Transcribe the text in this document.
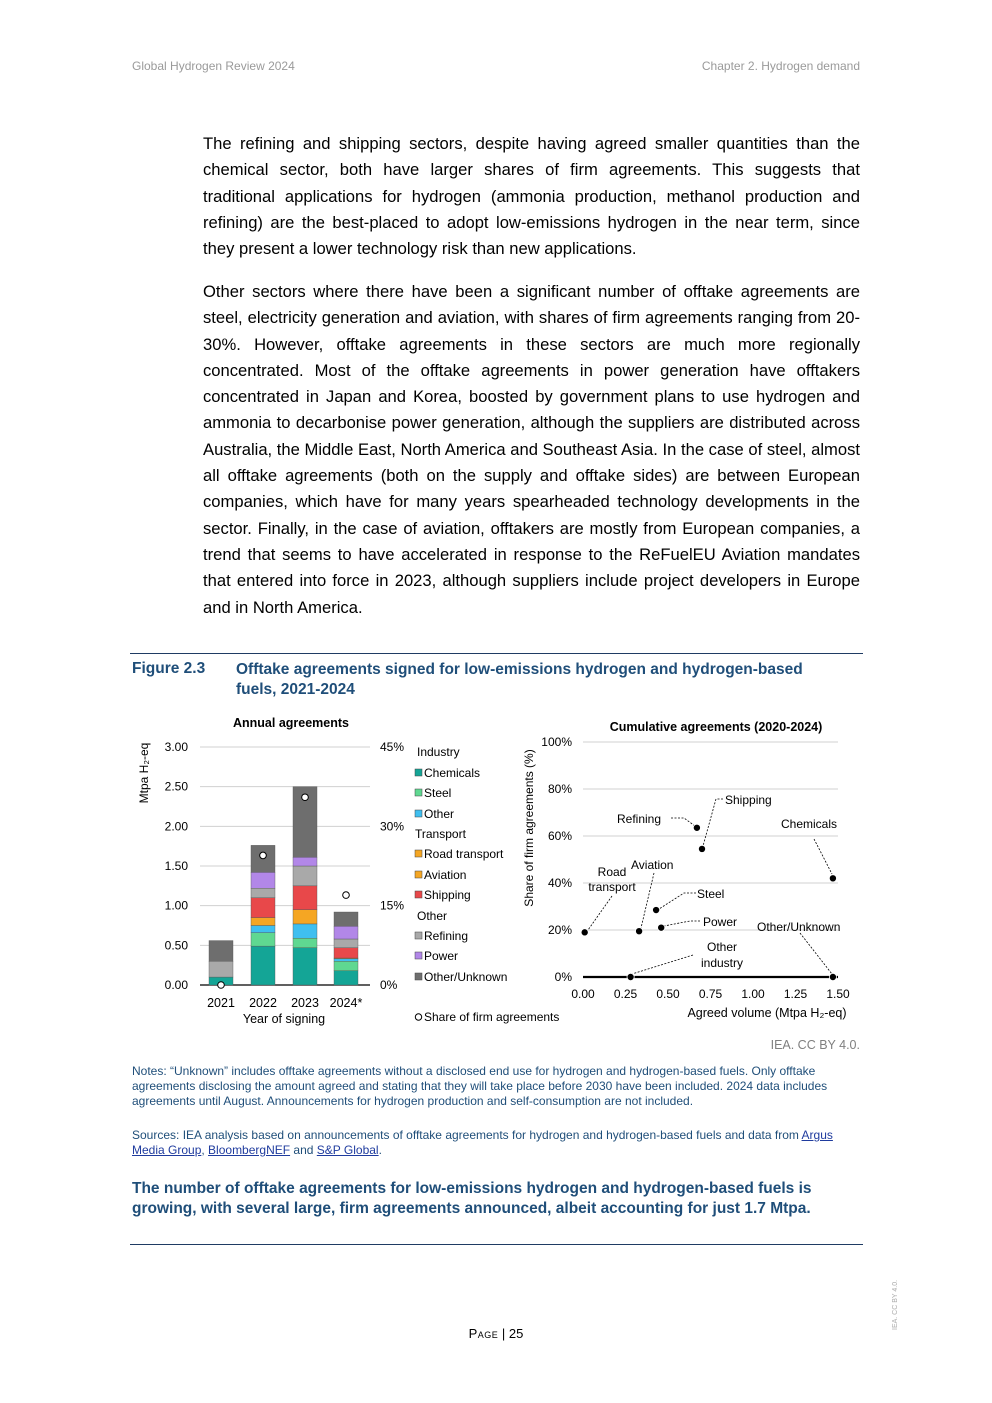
Global Hydrogen Review 2024	Chapter 2. Hydrogen demand

The refining and shipping sectors, despite having agreed smaller quantities than the chemical sector, both have larger shares of firm agreements. This suggests that traditional applications for hydrogen (ammonia production, methanol production and refining) are the best-placed to adopt low-emissions hydrogen in the near term, since they present a lower technology risk than new applications.

Other sectors where there have been a significant number of offtake agreements are steel, electricity generation and aviation, with shares of firm agreements ranging from 20-30%. However, offtake agreements in these sectors are much more regionally concentrated. Most of the offtake agreements in power generation have offtakers concentrated in Japan and Korea, boosted by government plans to use hydrogen and ammonia to decarbonise power generation, although the suppliers are distributed across Australia, the Middle East, North America and Southeast Asia. In the case of steel, almost all offtake agreements (both on the supply and offtake sides) are between European companies, which have for many years spearheaded technology developments in the sector. Finally, in the case of aviation, offtakers are mostly from European companies, a trend that seems to have accelerated in response to the ReFuelEU Aviation mandates that entered into force in 2023, although suppliers include project developers in Europe and in North America.

Figure 2.3 Offtake agreements signed for low-emissions hydrogen and hydrogen-based fuels, 2021-2024
Annual agreements
Mtpa H₂-eq
Year of signing
0.00
0.50
1.00
1.50
2.00
2.50
3.00
0%
15%
30%
45%
2021 2022 2023 2024*
Industry
Chemicals
Steel
Other
Transport
Road transport
Aviation
Shipping
Other
Refining
Power
Other/Unknown
Share of firm agreements
Cumulative agreements (2020-2024)
Share of firm agreements (%)
Agreed volume (Mtpa H₂-eq)
0%
20%
40%
60%
80%
100%
0.00 0.25 0.50 0.75 1.00 1.25 1.50
Refining
Shipping
Chemicals
Road transport
Aviation
Steel
Power
Other industry
Other/Unknown
IEA. CC BY 4.0.
Notes: “Unknown” includes offtake agreements without a disclosed end use for hydrogen and hydrogen-based fuels. Only offtake agreements disclosing the amount agreed and stating that they will take place before 2030 have been included. 2024 data includes agreements until August. Announcements for hydrogen production and self-consumption are not included.
Sources: IEA analysis based on announcements of offtake agreements for hydrogen and hydrogen-based fuels and data from Argus Media Group, BloombergNEF and S&P Global.
The number of offtake agreements for low-emissions hydrogen and hydrogen-based fuels is growing, with several large, firm agreements announced, albeit accounting for just 1.7 Mtpa.
Page | 25
IEA. CC BY 4.0.
